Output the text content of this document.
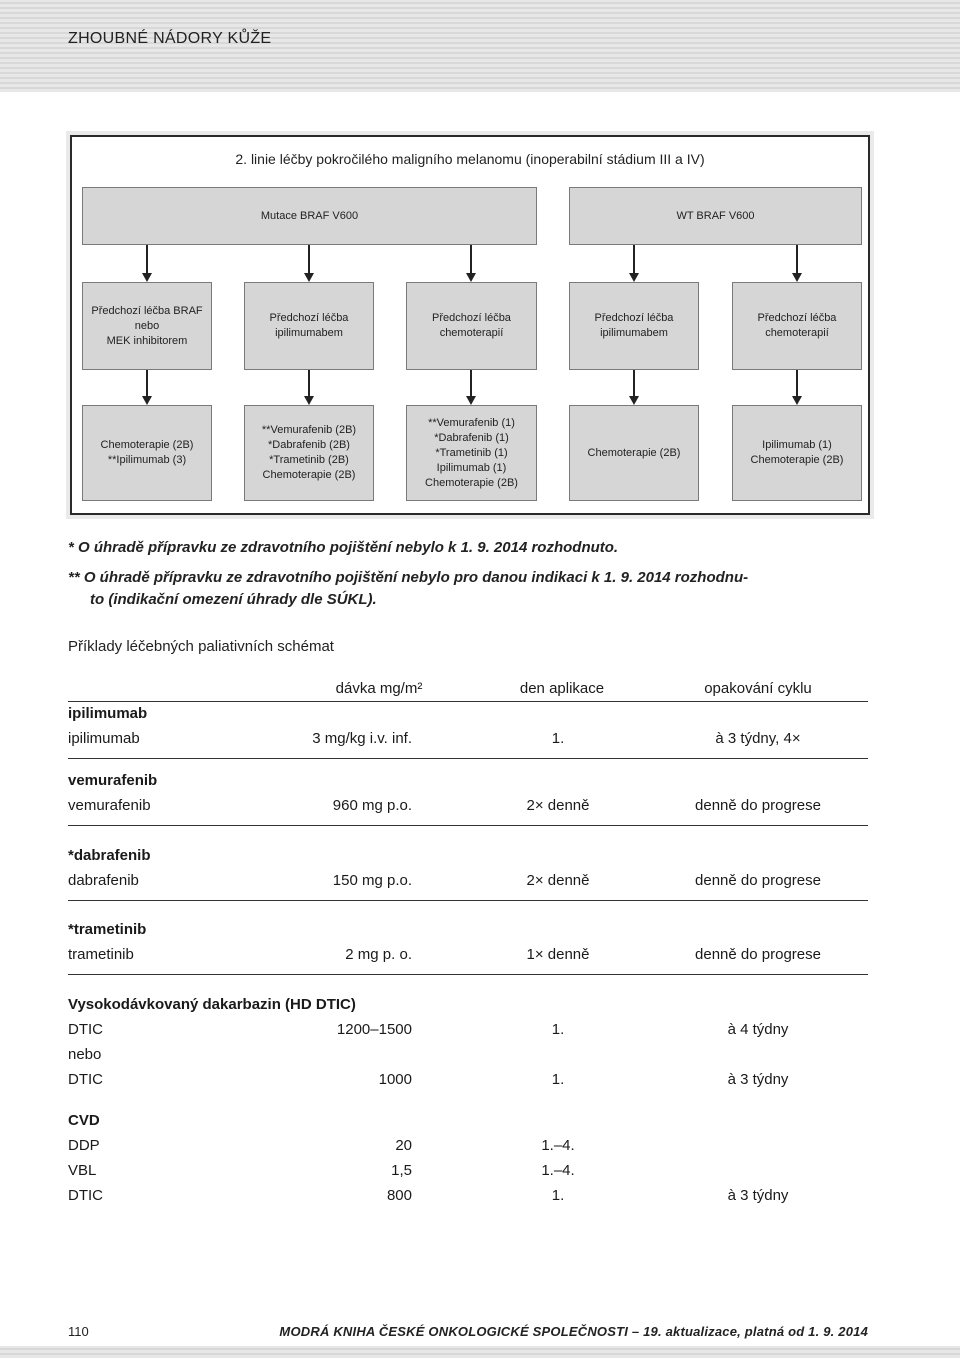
ZHOUBNÉ NÁDORY KŮŽE
2. linie léčby pokročilého maligního melanomu (inoperabilní stádium III a IV)
Mutace BRAF V600	WT BRAF V600
Předchozí léčba BRAF
nebo
MEK inhibitorem
Předchozí léčba
ipilimumabem
Předchozí léčba
chemoterapií
Předchozí léčba
ipilimumabem
Předchozí léčba
chemoterapií
Chemoterapie (2B)
**Ipilimumab (3)
**Vemurafenib (2B)
*Dabrafenib (2B)
*Trametinib (2B)
Chemoterapie (2B)
**Vemurafenib (1)
*Dabrafenib (1)
*Trametinib (1)
Ipilimumab (1)
Chemoterapie (2B)
Chemoterapie (2B)
Ipilimumab (1)
Chemoterapie (2B)
* O úhradě přípravku ze zdravotního pojištění nebylo k 1. 9. 2014 rozhodnuto.
** O úhradě přípravku ze zdravotního pojištění nebylo pro danou indikaci k 1. 9. 2014 rozhodnu-
to (indikační omezení úhrady dle SÚKL).
Příklady léčebných paliativních schémat
dávka mg/m²	den aplikace	opakování cyklu
ipilimumab
ipilimumab	3 mg/kg i.v. inf.	1.	à 3 týdny, 4×
vemurafenib
vemurafenib	960 mg p.o.	2× denně	denně do progrese
*dabrafenib
dabrafenib	150 mg p.o.	2× denně	denně do progrese
*trametinib
trametinib	2 mg p. o.	1× denně	denně do progrese
Vysokodávkovaný dakarbazin (HD DTIC)
DTIC	1200–1500	1.	à 4 týdny
nebo
DTIC	1000	1.	à 3 týdny
CVD
DDP	20	1.–4.
VBL	1,5	1.–4.
DTIC	800	1.	à 3 týdny
110	MODRÁ KNIHA ČESKÉ ONKOLOGICKÉ SPOLEČNOSTI – 19. aktualizace, platná od 1. 9. 2014
